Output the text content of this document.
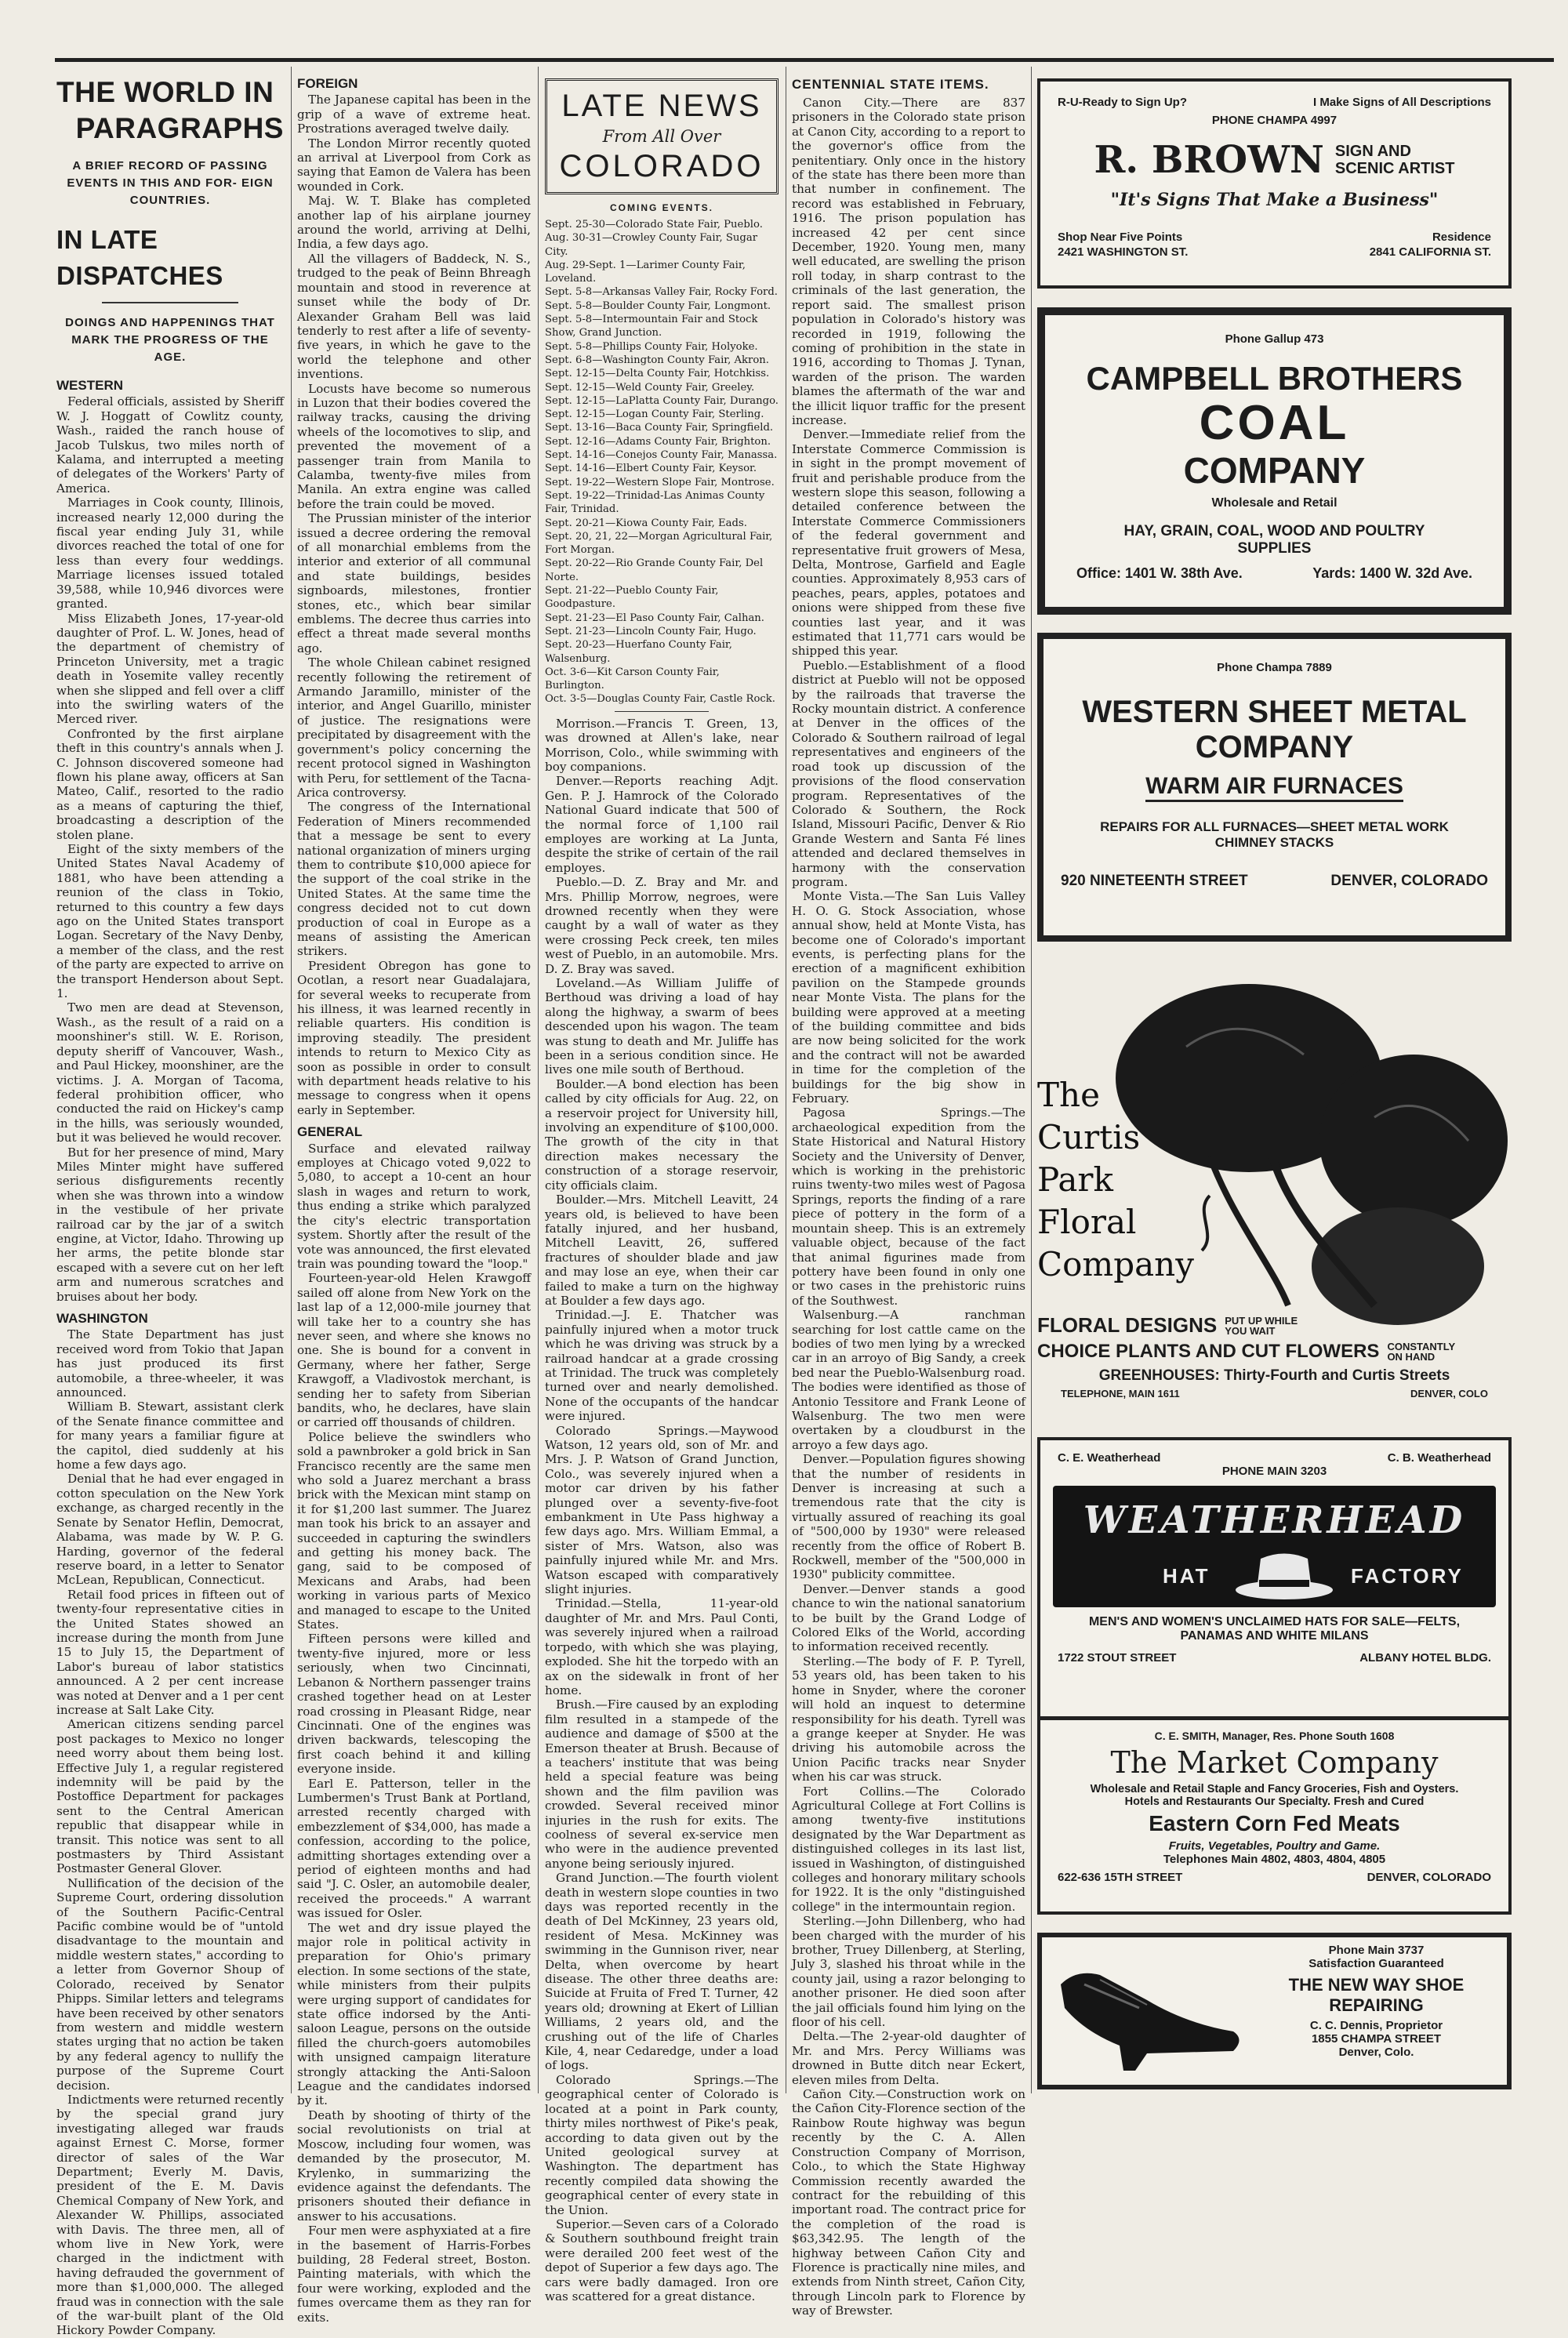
THE WORLD IN
PARAGRAPHS
A BRIEF RECORD OF PASSING EVENTS IN THIS AND FOR- EIGN COUNTRIES.
IN LATE DISPATCHES
DOINGS AND HAPPENINGS THAT MARK THE PROGRESS OF THE AGE.
WESTERN

Federal officials, assisted by Sheriff W. J. Hoggatt of Cowlitz county, Wash., raided the ranch house of Jacob Tulskus, two miles north of Kalama, and interrupted a meeting of delegates of the Workers' Party of America.

Marriages in Cook county, Illinois, increased nearly 12,000 during the fiscal year ending July 31, while divorces reached the total of one for less than every four weddings. Marriage licenses issued totaled 39,588, while 10,946 divorces were granted.

Miss Elizabeth Jones, 17-year-old daughter of Prof. L. W. Jones, head of the department of chemistry of Princeton University, met a tragic death in Yosemite valley recently when she slipped and fell over a cliff into the swirling waters of the Merced river.

Confronted by the first airplane theft in this country's annals when J. C. Johnson discovered someone had flown his plane away, officers at San Mateo, Calif., resorted to the radio as a means of capturing the thief, broadcasting a description of the stolen plane.

Eight of the sixty members of the United States Naval Academy of 1881, who have been attending a reunion of the class in Tokio, returned to this country a few days ago on the United States transport Logan. Secretary of the Navy Denby, a member of the class, and the rest of the party are expected to arrive on the transport Henderson about Sept. 1.

Two men are dead at Stevenson, Wash., as the result of a raid on a moonshiner's still. W. E. Rorison, deputy sheriff of Vancouver, Wash., and Paul Hickey, moonshiner, are the victims. J. A. Morgan of Tacoma, federal prohibition officer, who conducted the raid on Hickey's camp in the hills, was seriously wounded, but it was believed he would recover.

But for her presence of mind, Mary Miles Minter might have suffered serious disfigurements recently when she was thrown into a window in the vestibule of her private railroad car by the jar of a switch engine, at Victor, Idaho. Throwing up her arms, the petite blonde star escaped with a severe cut on her left arm and numerous scratches and bruises about her body.

WASHINGTON

The State Department has just received word from Tokio that Japan has just produced its first automobile, a three-wheeler, it was announced.

William B. Stewart, assistant clerk of the Senate finance committee and for many years a familiar figure at the capitol, died suddenly at his home a few days ago.

Denial that he had ever engaged in cotton speculation on the New York exchange, as charged recently in the Senate by Senator Heflin, Democrat, Alabama, was made by W. P. G. Harding, governor of the federal reserve board, in a letter to Senator McLean, Republican, Connecticut.

Retail food prices in fifteen out of twenty-four representative cities in the United States showed an increase during the month from June 15 to July 15, the Department of Labor's bureau of labor statistics announced. A 2 per cent increase was noted at Denver and a 1 per cent increase at Salt Lake City.

American citizens sending parcel post packages to Mexico no longer need worry about them being lost. Effective July 1, a regular registered indemnity will be paid by the Postoffice Department for packages sent to the Central American republic that disappear while in transit. This notice was sent to all postmasters by Third Assistant Postmaster General Glover.

Nullification of the decision of the Supreme Court, ordering dissolution of the Southern Pacific-Central Pacific combine would be of "untold disadvantage to the mountain and middle western states," according to a letter from Governor Shoup of Colorado, received by Senator Phipps. Similar letters and telegrams have been received by other senators from western and middle western states urging that no action be taken by any federal agency to nullify the purpose of the Supreme Court decision.

Indictments were returned recently by the special grand jury investigating alleged war frauds against Ernest C. Morse, former director of sales of the War Department; Everly M. Davis, president of the E. M. Davis Chemical Company of New York, and Alexander W. Phillips, associated with Davis. The three men, all of whom live in New York, were charged in the indictment with having defrauded the government of more than $1,000,000. The alleged fraud was in connection with the sale of the war-built plant of the Old Hickory Powder Company.

FOREIGN

The Japanese capital has been in the grip of a wave of extreme heat. Prostrations averaged twelve daily.

The London Mirror recently quoted an arrival at Liverpool from Cork as saying that Eamon de Valera has been wounded in Cork.

Maj. W. T. Blake has completed another lap of his airplane journey around the world, arriving at Delhi, India, a few days ago.

All the villagers of Baddeck, N. S., trudged to the peak of Beinn Bhreagh mountain and stood in reverence at sunset while the body of Dr. Alexander Graham Bell was laid tenderly to rest after a life of seventy-five years, in which he gave to the world the telephone and other inventions.

Locusts have become so numerous in Luzon that their bodies covered the railway tracks, causing the driving wheels of the locomotives to slip, and prevented the movement of a passenger train from Manila to Calamba, twenty-five miles from Manila. An extra engine was called before the train could be moved.

The Prussian minister of the interior issued a decree ordering the removal of all monarchial emblems from the interior and exterior of all communal and state buildings, besides signboards, milestones, frontier stones, etc., which bear similar emblems. The decree thus carries into effect a threat made several months ago.

The whole Chilean cabinet resigned recently following the retirement of Armando Jaramillo, minister of the interior, and Angel Guarillo, minister of justice. The resignations were precipitated by disagreement with the government's policy concerning the recent protocol signed in Washington with Peru, for settlement of the Tacna-Arica controversy.

The congress of the International Federation of Miners recommended that a message be sent to every national organization of miners urging them to contribute $10,000 apiece for the support of the coal strike in the United States. At the same time the congress decided not to cut down production of coal in Europe as a means of assisting the American strikers.

President Obregon has gone to Ocotlan, a resort near Guadalajara, for several weeks to recuperate from his illness, it was learned recently in reliable quarters. His condition is improving steadily. The president intends to return to Mexico City as soon as possible in order to consult with department heads relative to his message to congress when it opens early in September.

GENERAL

Surface and elevated railway employes at Chicago voted 9,022 to 5,080, to accept a 10-cent an hour slash in wages and return to work, thus ending a strike which paralyzed the city's electric transportation system. Shortly after the result of the vote was announced, the first elevated train was pounding toward the "loop."

Fourteen-year-old Helen Krawgoff sailed off alone from New York on the last lap of a 12,000-mile journey that will take her to a country she has never seen, and where she knows no one. She is bound for a convent in Germany, where her father, Serge Krawgoff, a Vladivostok merchant, is sending her to safety from Siberian bandits, who, he declares, have slain or carried off thousands of children.

Police believe the swindlers who sold a pawnbroker a gold brick in San Francisco recently are the same men who sold a Juarez merchant a brass brick with the Mexican mint stamp on it for $1,200 last summer. The Juarez man took his brick to an assayer and succeeded in capturing the swindlers and getting his money back. The gang, said to be composed of Mexicans and Arabs, had been working in various parts of Mexico and managed to escape to the United States.

Fifteen persons were killed and twenty-five injured, more or less seriously, when two Cincinnati, Lebanon & Northern passenger trains crashed together head on at Lester road crossing in Pleasant Ridge, near Cincinnati. One of the engines was driven backwards, telescoping the first coach behind it and killing everyone inside.

Earl E. Patterson, teller in the Lumbermen's Trust Bank at Portland, arrested recently charged with embezzlement of $34,000, has made a confession, according to the police, admitting shortages extending over a period of eighteen months and had said "J. C. Osler, an automobile dealer, received the proceeds." A warrant was issued for Osler.

The wet and dry issue played the major role in political activity in preparation for Ohio's primary election. In some sections of the state, while ministers from their pulpits were urging support of candidates for state office indorsed by the Anti-saloon League, persons on the outside filled the church-goers automobiles with unsigned campaign literature strongly attacking the Anti-Saloon League and the candidates indorsed by it.

Death by shooting of thirty of the social revolutionists on trial at Moscow, including four women, was demanded by the prosecutor, M. Krylenko, in summarizing the evidence against the defendants. The prisoners shouted their defiance in answer to his accusations.

Four men were asphyxiated at a fire in the basement of Harris-Forbes building, 28 Federal street, Boston. Painting materials, with which the four were working, exploded and the fumes overcame them as they ran for exits.

LATE NEWS
From All Over
COLORADO
COMING EVENTS.

Sept. 25-30—Colorado State Fair, Pueblo.

Aug. 30-31—Crowley County Fair, Sugar City.

Aug. 29-Sept. 1—Larimer County Fair, Loveland.

Sept. 5-8—Arkansas Valley Fair, Rocky Ford.

Sept. 5-8—Boulder County Fair, Longmont.

Sept. 5-8—Intermountain Fair and Stock Show, Grand Junction.

Sept. 5-8—Phillips County Fair, Holyoke.

Sept. 6-8—Washington County Fair, Akron.

Sept. 12-15—Delta County Fair, Hotchkiss.

Sept. 12-15—Weld County Fair, Greeley.

Sept. 12-15—LaPlatta County Fair, Durango.

Sept. 12-15—Logan County Fair, Sterling.

Sept. 13-16—Baca County Fair, Springfield.

Sept. 12-16—Adams County Fair, Brighton.

Sept. 14-16—Conejos County Fair, Manassa.

Sept. 14-16—Elbert County Fair, Keysor.

Sept. 19-22—Western Slope Fair, Montrose.

Sept. 19-22—Trinidad-Las Animas County Fair, Trinidad.

Sept. 20-21—Kiowa County Fair, Eads.

Sept. 20, 21, 22—Morgan Agricultural Fair, Fort Morgan.

Sept. 20-22—Rio Grande County Fair, Del Norte.

Sept. 21-22—Pueblo County Fair, Goodpasture.

Sept. 21-23—El Paso County Fair, Calhan.

Sept. 21-23—Lincoln County Fair, Hugo.

Sept. 20-23—Huerfano County Fair, Walsenburg.

Oct. 3-6—Kit Carson County Fair, Burlington.

Oct. 3-5—Douglas County Fair, Castle Rock.

Morrison.—Francis T. Green, 13, was drowned at Allen's lake, near Morrison, Colo., while swimming with boy companions.

Denver.—Reports reaching Adjt. Gen. P. J. Hamrock of the Colorado National Guard indicate that 500 of the normal force of 1,100 rail employes are working at La Junta, despite the strike of certain of the rail employes.

Pueblo.—D. Z. Bray and Mr. and Mrs. Phillip Morrow, negroes, were drowned recently when they were caught by a wall of water as they were crossing Peck creek, ten miles west of Pueblo, in an automobile. Mrs. D. Z. Bray was saved.

Loveland.—As William Juliffe of Berthoud was driving a load of hay along the highway, a swarm of bees descended upon his wagon. The team was stung to death and Mr. Juliffe has been in a serious condition since. He lives one mile south of Berthoud.

Boulder.—A bond election has been called by city officials for Aug. 22, on a reservoir project for University hill, involving an expenditure of $100,000. The growth of the city in that direction makes necessary the construction of a storage reservoir, city officials claim.

Boulder.—Mrs. Mitchell Leavitt, 24 years old, is believed to have been fatally injured, and her husband, Mitchell Leavitt, 26, suffered fractures of shoulder blade and jaw and may lose an eye, when their car failed to make a turn on the highway at Boulder a few days ago.

Trinidad.—J. E. Thatcher was painfully injured when a motor truck which he was driving was struck by a railroad handcar at a grade crossing at Trinidad. The truck was completely turned over and nearly demolished. None of the occupants of the handcar were injured.

Colorado Springs.—Maywood Watson, 12 years old, son of Mr. and Mrs. J. P. Watson of Grand Junction, Colo., was severely injured when a motor car driven by his father plunged over a seventy-five-foot embankment in Ute Pass highway a few days ago. Mrs. William Emmal, a sister of Mrs. Watson, also was painfully injured while Mr. and Mrs. Watson escaped with comparatively slight injuries.

Trinidad.—Stella, 11-year-old daughter of Mr. and Mrs. Paul Conti, was severely injured when a railroad torpedo, with which she was playing, exploded. She hit the torpedo with an ax on the sidewalk in front of her home.

Brush.—Fire caused by an exploding film resulted in a stampede of the audience and damage of $500 at the Emerson theater at Brush. Because of a teachers' institute that was being held a special feature was being shown and the film pavilion was crowded. Several received minor injuries in the rush for exits. The coolness of several ex-service men who were in the audience prevented anyone being seriously injured.

Grand Junction.—The fourth violent death in western slope counties in two days was reported recently in the death of Del McKinney, 23 years old, resident of Mesa. McKinney was swimming in the Gunnison river, near Delta, when overcome by heart disease. The other three deaths are: Suicide at Fruita of Fred T. Turner, 42 years old; drowning at Ekert of Lillian Williams, 2 years old, and the crushing out of the life of Charles Kile, 4, near Cedaredge, under a load of logs.

Colorado Springs.—The geographical center of Colorado is located at a point in Park county, thirty miles northwest of Pike's peak, according to data given out by the United geological survey at Washington. The department has recently compiled data showing the geographical center of every state in the Union.

Superior.—Seven cars of a Colorado & Southern southbound freight train were derailed 200 feet west of the depot of Superior a few days ago. The cars were badly damaged. Iron ore was scattered for a great distance.

CENTENNIAL STATE ITEMS.

Canon City.—There are 837 prisoners in the Colorado state prison at Canon City, according to a report to the governor's office from the penitentiary. Only once in the history of the state has there been more than that number in confinement. The record was established in February, 1916. The prison population has increased 42 per cent since December, 1920. Young men, many well educated, are swelling the prison roll today, in sharp contrast to the criminals of the last generation, the report said. The smallest prison population in Colorado's history was recorded in 1919, following the coming of prohibition in the state in 1916, according to Thomas J. Tynan, warden of the prison. The warden blames the aftermath of the war and the illicit liquor traffic for the present increase.

Denver.—Immediate relief from the Interstate Commerce Commission is in sight in the prompt movement of fruit and perishable produce from the western slope this season, following a detailed conference between the Interstate Commerce Commissioners of the federal government and representative fruit growers of Mesa, Delta, Montrose, Garfield and Eagle counties. Approximately 8,953 cars of peaches, pears, apples, potatoes and onions were shipped from these five counties last year, and it was estimated that 11,771 cars would be shipped this year.

Pueblo.—Establishment of a flood district at Pueblo will not be opposed by the railroads that traverse the Rocky mountain district. A conference at Denver in the offices of the Colorado & Southern railroad of legal representatives and engineers of the road took up discussion of the provisions of the flood conservation program. Representatives of the Colorado & Southern, the Rock Island, Missouri Pacific, Denver & Rio Grande Western and Santa Fé lines attended and declared themselves in harmony with the conservation program.

Monte Vista.—The San Luis Valley H. O. G. Stock Association, whose annual show, held at Monte Vista, has become one of Colorado's important events, is perfecting plans for the erection of a magnificent exhibition pavilion on the Stampede grounds near Monte Vista. The plans for the building were approved at a meeting of the building committee and bids are now being solicited for the work and the contract will not be awarded in time for the completion of the buildings for the big show in February.

Pagosa Springs.—The archaeological expedition from the State Historical and Natural History Society and the University of Denver, which is working in the prehistoric ruins twenty-two miles west of Pagosa Springs, reports the finding of a rare piece of pottery in the form of a mountain sheep. This is an extremely valuable object, because of the fact that animal figurines made from pottery have been found in only one or two cases in the prehistoric ruins of the Southwest.

Walsenburg.—A ranchman searching for lost cattle came on the bodies of two men lying by a wrecked car in an arroyo of Big Sandy, a creek bed near the Pueblo-Walsenburg road. The bodies were identified as those of Antonio Tessitore and Frank Leone of Walsenburg. The two men were overtaken by a cloudburst in the arroyo a few days ago.

Denver.—Population figures showing that the number of residents in Denver is increasing at such a tremendous rate that the city is virtually assured of reaching its goal of "500,000 by 1930" were released recently from the office of Robert B. Rockwell, member of the "500,000 in 1930" publicity committee.

Denver.—Denver stands a good chance to win the national sanatorium to be built by the Grand Lodge of Colored Elks of the World, according to information received recently.

Sterling.—The body of F. P. Tyrell, 53 years old, has been taken to his home in Snyder, where the coroner will hold an inquest to determine responsibility for his death. Tyrell was a grange keeper at Snyder. He was driving his automobile across the Union Pacific tracks near Snyder when his car was struck.

Fort Collins.—The Colorado Agricultural College at Fort Collins is among twenty-five institutions designated by the War Department as distinguished colleges in its last list, issued in Washington, of distinguished colleges and honorary military schools for 1922. It is the only "distinguished college" in the intermountain region.

Sterling.—John Dillenberg, who had been charged with the murder of his brother, Truey Dillenberg, at Sterling, July 3, slashed his throat while in the county jail, using a razor belonging to another prisoner. He died soon after the jail officials found him lying on the floor of his cell.

Delta.—The 2-year-old daughter of Mr. and Mrs. Percy Williams was drowned in Butte ditch near Eckert, eleven miles from Delta.

Cañon City.—Construction work on the Cañon City-Florence section of the Rainbow Route highway was begun recently by the C. A. Allen Construction Company of Morrison, Colo., to which the State Highway Commission recently awarded the contract for the rebuilding of this important road. The contract price for the completion of the road is $63,342.95. The length of the highway between Cañon City and Florence is practically nine miles, and extends from Ninth street, Cañon City, through Lincoln park to Florence by way of Brewster.

R-U-Ready to Sign Up?	I Make Signs of All Descriptions
PHONE CHAMPA 4997
R. BROWN SIGN AND
SCENIC ARTIST
"It's Signs That Make a Business"
Shop Near Five Points	Residence
2421 WASHINGTON ST.	2841 CALIFORNIA ST.
Phone Gallup 473
CAMPBELL BROTHERS
COAL
COMPANY
Wholesale and Retail
HAY, GRAIN, COAL, WOOD AND POULTRY
SUPPLIES
Office: 1401 W. 38th Ave.	Yards: 1400 W. 32d Ave.
Phone Champa 7889
WESTERN SHEET METAL
COMPANY
WARM AIR FURNACES
REPAIRS FOR ALL FURNACES—SHEET METAL WORK
CHIMNEY STACKS
920 NINETEENTH STREET	DENVER, COLORADO
The
Curtis
Park
Floral
Company
FLORAL DESIGNS PUT UP WHILE
YOU WAIT
CHOICE PLANTS AND CUT FLOWERS CONSTANTLY
ON HAND
GREENHOUSES: Thirty-Fourth and Curtis Streets
TELEPHONE, MAIN 1611	DENVER, COLO
C. E. Weatherhead	C. B. Weatherhead
PHONE MAIN 3203
WEATHERHEAD
HAT	FACTORY
MEN'S AND WOMEN'S UNCLAIMED HATS FOR SALE—FELTS,
PANAMAS AND WHITE MILANS
1722 STOUT STREET	ALBANY HOTEL BLDG.
C. E. SMITH, Manager, Res. Phone South 1608
The Market Company
Wholesale and Retail Staple and Fancy Groceries, Fish and Oysters.
Hotels and Restaurants Our Specialty. Fresh and Cured
Eastern Corn Fed Meats
Fruits, Vegetables, Poultry and Game.
Telephones Main 4802, 4803, 4804, 4805
622-636 15TH STREET	DENVER, COLORADO
Phone Main 3737
Satisfaction Guaranteed
THE NEW WAY SHOE
REPAIRING
C. C. Dennis, Proprietor
1855 CHAMPA STREET
Denver, Colo.
